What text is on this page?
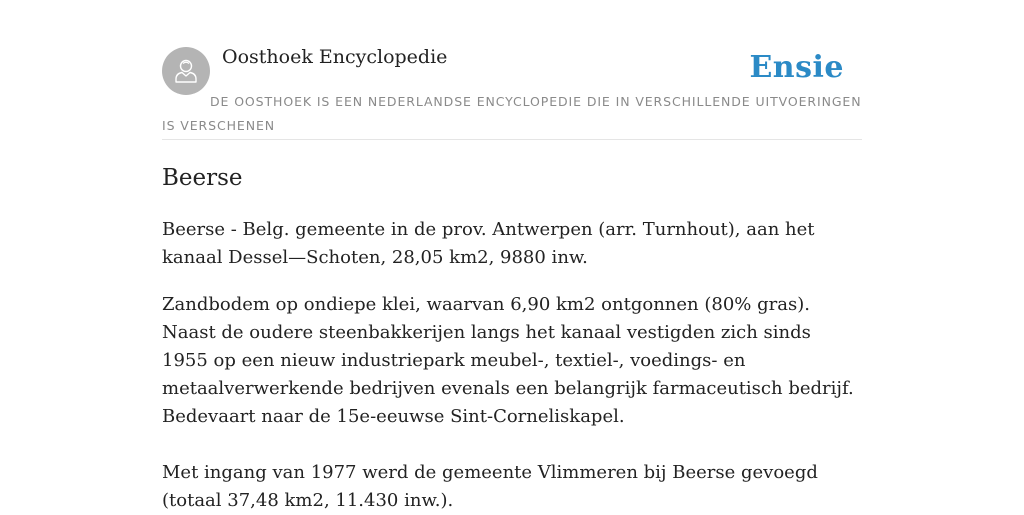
Oosthoek Encyclopedie	Ensie
DE OOSTHOEK IS EEN NEDERLANDSE ENCYCLOPEDIE DIE IN VERSCHILLENDE UITVOERINGEN IS VERSCHENEN
Beerse

Beerse - Belg. gemeente in de prov. Antwerpen (arr. Turnhout), aan het kanaal Dessel—Schoten, 28,05 km2, 9880 inw.

Zandbodem op ondiepe klei, waarvan 6,90 km2 ontgonnen (80% gras). Naast de oudere steenbakkerijen langs het kanaal vestigden zich sinds 1955 op een nieuw industriepark meubel-, textiel-, voedings- en metaalverwerkende bedrijven evenals een belangrijk farmaceutisch bedrijf. Bedevaart naar de 15e-eeuwse Sint-Corneliskapel.

Met ingang van 1977 werd de gemeente Vlimmeren bij Beerse gevoegd (totaal 37,48 km2, 11.430 inw.).
